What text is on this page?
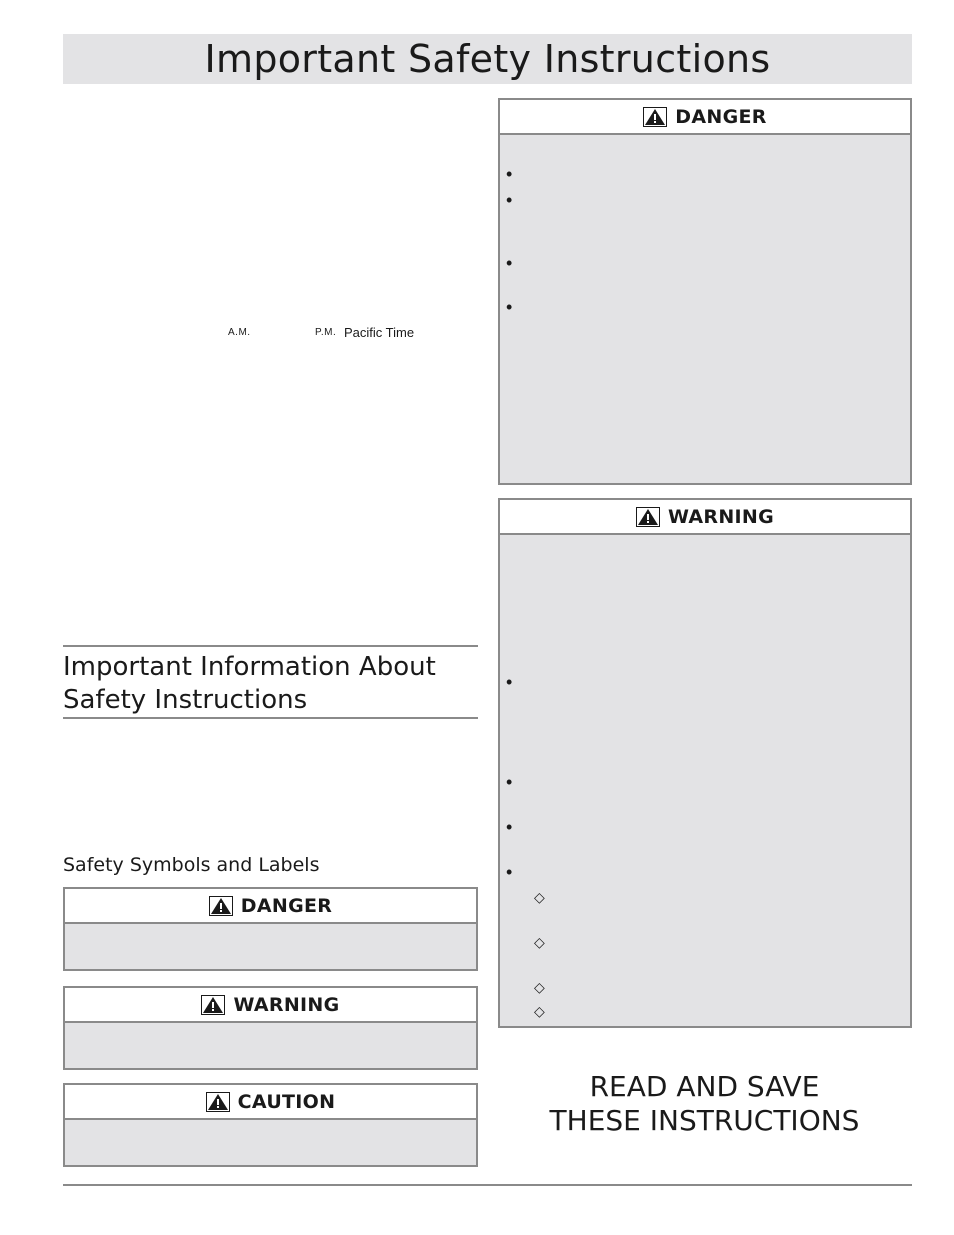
Important Safety Instructions
A.M.	P.M. Pacific Time
Important Information About
Safety Instructions
Safety Symbols and Labels
DANGER
WARNING
CAUTION
DANGER
•
•
•
•
WARNING
•
•
•
•
◇
◇
◇
◇
READ AND SAVE
THESE INSTRUCTIONS
